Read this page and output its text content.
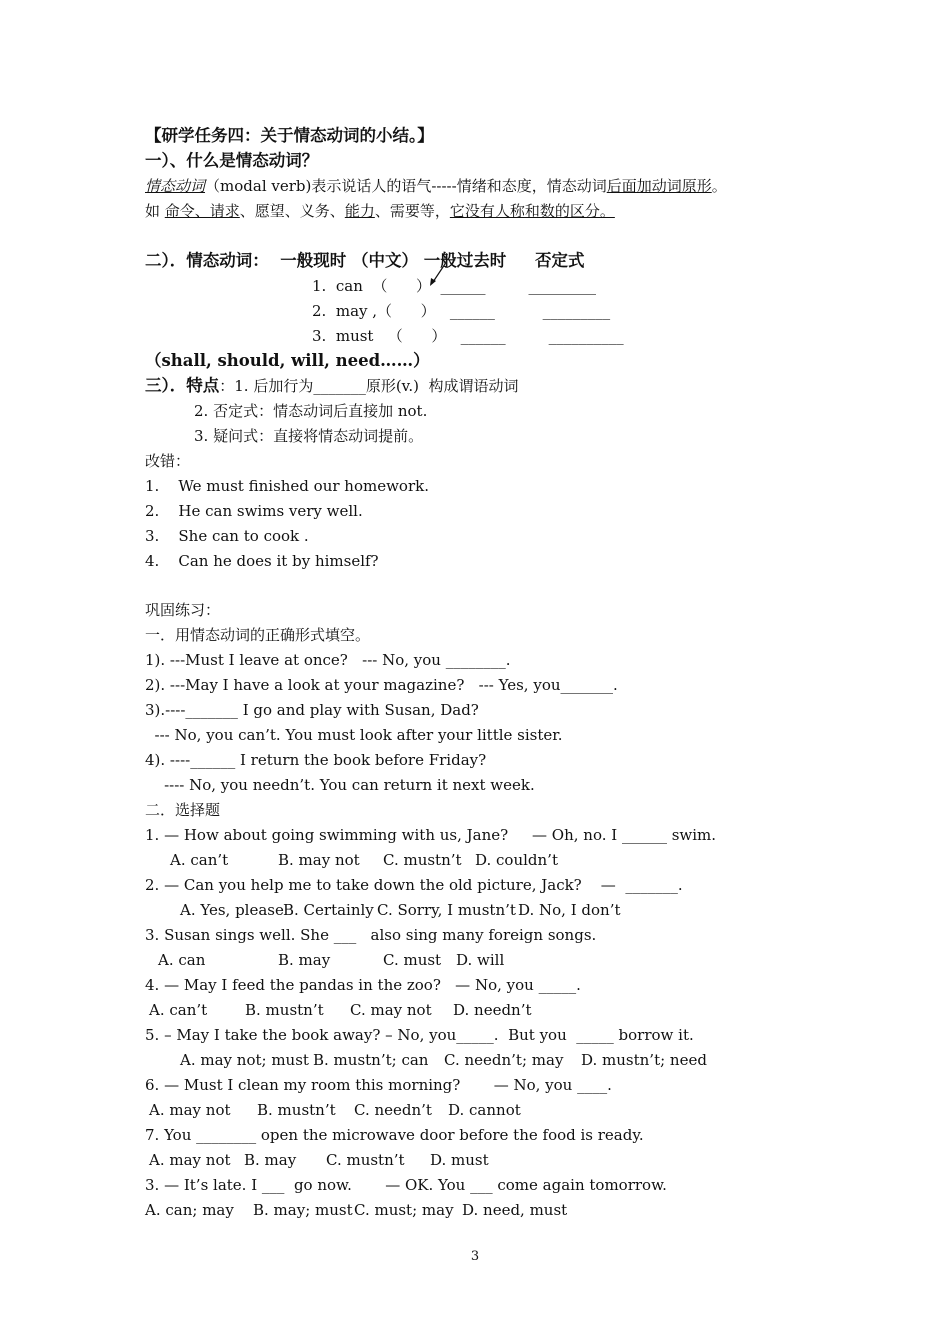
【研学任务四：关于情态动词的小结。】
一）、什么是情态动词？
情态动词（modal verb)表示说话人的语气-----情绪和态度，情态动词后面加动词原形。
如 命令、请求、愿望、义务、能力、需要等，它没有人称和数的区分。
二）．情态动词：  一般现时 （中文） 一般过去时     否定式
1.  can  （      ）  ______         _________
2.  may ,（      ）   ______          _________
3.  must   （      ）   ______         __________
（shall, should, will, need……）
三）．特点：1. 后加行为_______原形(v.)  构成谓语动词
2. 否定式：情态动词后直接加 not.
3. 疑问式：直接将情态动词提前。
改错：
1.    We must finished our homework.
2.    He can swims very well.
3.    She can to cook .
4.    Can he does it by himself?
巩固练习：
一．用情态动词的正确形式填空。
1). ---Must I leave at once?   --- No, you ________.
2). ---May I have a look at your magazine?   --- Yes, you_______.
3).----_______ I go and play with Susan, Dad?
--- No, you can’t. You must look after your little sister.
4). ----______ I return the book before Friday?
---- No, you needn’t. You can return it next week.
二．选择题
1. — How about going swimming with us, Jane?     — Oh, no. I ______ swim.
A. can’t	B. may not C. mustn’t D. couldn’t
2. — Can you help me to take down the old picture, Jack?    —  _______.
A. Yes, please B. Certainly C. Sorry, I mustn’t D. No, I don’t
3. Susan sings well. She ___   also sing many foreign songs.
A. can	B. may	C. must D. will
4. — May I feed the pandas in the zoo?   — No, you _____.
A. can’t	B. mustn’t C. may not D. needn’t
5. – May I take the book away? – No, you_____.  But you  _____ borrow it.
A. may not; must B. mustn’t; can C. needn’t; may D. mustn’t; need
6. — Must I clean my room this morning?       — No, you ____.
A. may not B. mustn’t C. needn’t D. cannot
7. You ________ open the microwave door before the food is ready.
A. may not B. may C. mustn’t D. must
3. — It’s late. I ___  go now.       — OK. You ___ come again tomorrow.
A. can; may B. may; must C. must; may D. need, must
3
